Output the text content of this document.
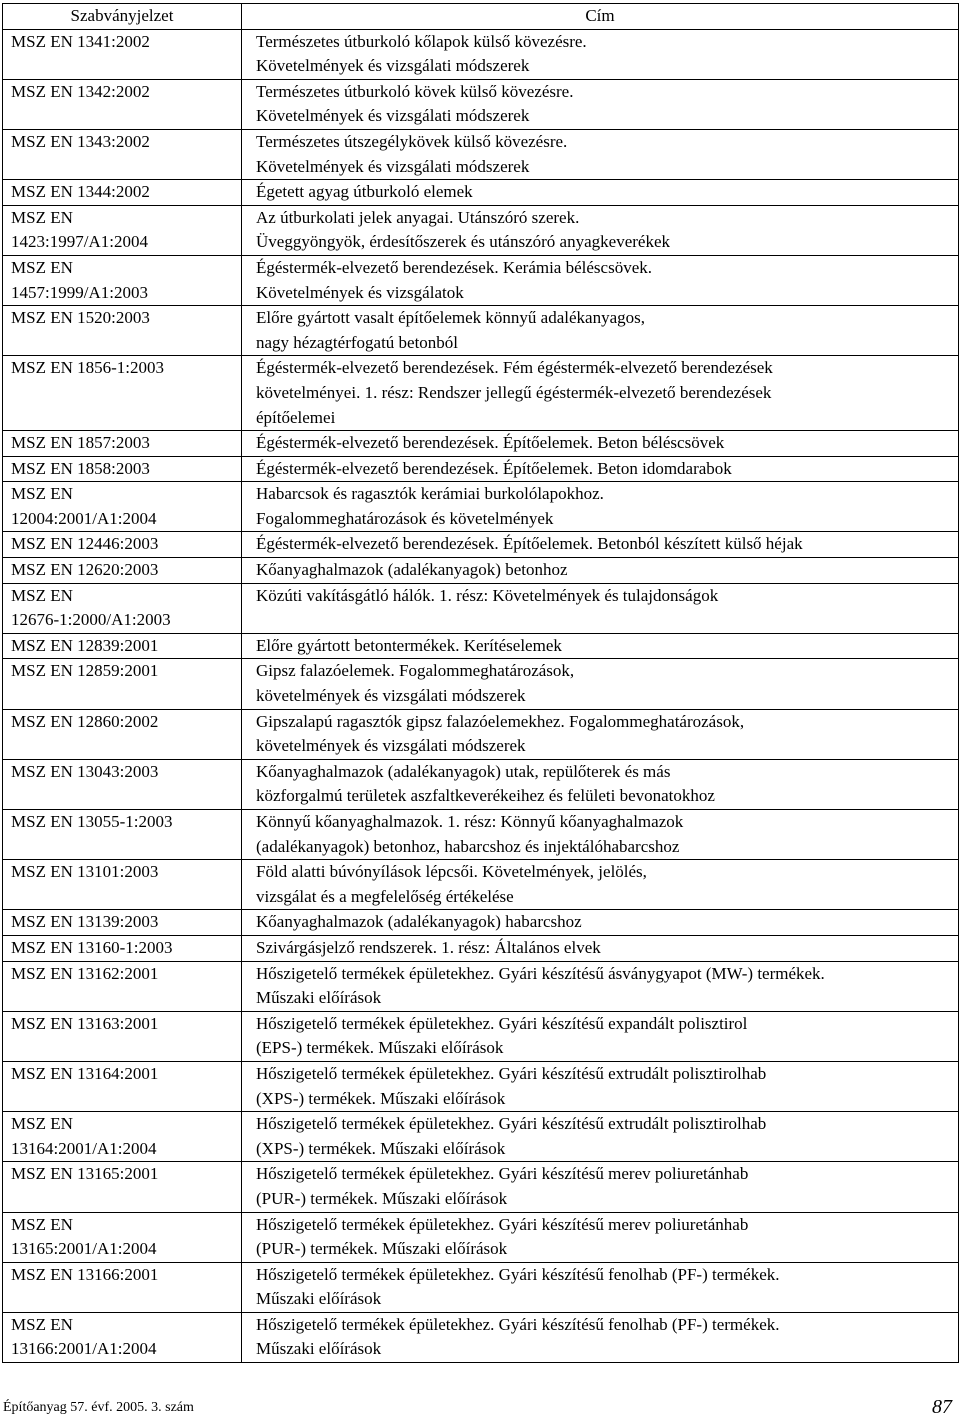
Szabványjelzet	Cím

MSZ EN 1341:2002	Természetes útburkoló kőlapok külső kövezésre.
Követelmények és vizsgálati módszerek

MSZ EN 1342:2002	Természetes útburkoló kövek külső kövezésre.
Követelmények és vizsgálati módszerek

MSZ EN 1343:2002	Természetes útszegélykövek külső kövezésre.
Követelmények és vizsgálati módszerek

MSZ EN 1344:2002	Égetett agyag útburkoló elemek

MSZ EN
1423:1997/A1:2004	Az útburkolati jelek anyagai. Utánszóró szerek.
Üveggyöngyök, érdesítőszerek és utánszóró anyagkeverékek

MSZ EN
1457:1999/A1:2003	Égéstermék-elvezető berendezések. Kerámia béléscsövek.
Követelmények és vizsgálatok

MSZ EN 1520:2003	Előre gyártott vasalt építőelemek könnyű adalékanyagos,
nagy hézagtérfogatú betonból

MSZ EN 1856-1:2003	Égéstermék-elvezető berendezések. Fém égéstermék-elvezető berendezések
követelményei. 1. rész: Rendszer jellegű égéstermék-elvezető berendezések
építőelemei

MSZ EN 1857:2003	Égéstermék-elvezető berendezések. Építőelemek. Beton béléscsövek

MSZ EN 1858:2003	Égéstermék-elvezető berendezések. Építőelemek. Beton idomdarabok

MSZ EN
12004:2001/A1:2004	Habarcsok és ragasztók kerámiai burkolólapokhoz.
Fogalommeghatározások és követelmények

MSZ EN 12446:2003	Égéstermék-elvezető berendezések. Építőelemek. Betonból készített külső héjak

MSZ EN 12620:2003	Kőanyaghalmazok (adalékanyagok) betonhoz

MSZ EN
12676-1:2000/A1:2003	Közúti vakításgátló hálók. 1. rész: Követelmények és tulajdonságok

MSZ EN 12839:2001	Előre gyártott betontermékek. Kerítéselemek

MSZ EN 12859:2001	Gipsz falazóelemek. Fogalommeghatározások,
követelmények és vizsgálati módszerek

MSZ EN 12860:2002	Gipszalapú ragasztók gipsz falazóelemekhez. Fogalommeghatározások,
követelmények és vizsgálati módszerek

MSZ EN 13043:2003	Kőanyaghalmazok (adalékanyagok) utak, repülőterek és más
közforgalmú területek aszfaltkeverékeihez és felületi bevonatokhoz

MSZ EN 13055-1:2003	Könnyű kőanyaghalmazok. 1. rész: Könnyű kőanyaghalmazok
(adalékanyagok) betonhoz, habarcshoz és injektálóhabarcshoz

MSZ EN 13101:2003	Föld alatti búvónyílások lépcsői. Követelmények, jelölés,
vizsgálat és a megfelelőség értékelése

MSZ EN 13139:2003	Kőanyaghalmazok (adalékanyagok) habarcshoz

MSZ EN 13160-1:2003	Szivárgásjelző rendszerek. 1. rész: Általános elvek

MSZ EN 13162:2001	Hőszigetelő termékek épületekhez. Gyári készítésű ásványgyapot (MW-) termékek.
Műszaki előírások

MSZ EN 13163:2001	Hőszigetelő termékek épületekhez. Gyári készítésű expandált polisztirol
(EPS-) termékek. Műszaki előírások

MSZ EN 13164:2001	Hőszigetelő termékek épületekhez. Gyári készítésű extrudált polisztirolhab
(XPS-) termékek. Műszaki előírások

MSZ EN
13164:2001/A1:2004	Hőszigetelő termékek épületekhez. Gyári készítésű extrudált polisztirolhab
(XPS-) termékek. Műszaki előírások

MSZ EN 13165:2001	Hőszigetelő termékek épületekhez. Gyári készítésű merev poliuretánhab
(PUR-) termékek. Műszaki előírások

MSZ EN
13165:2001/A1:2004	Hőszigetelő termékek épületekhez. Gyári készítésű merev poliuretánhab
(PUR-) termékek. Műszaki előírások

MSZ EN 13166:2001	Hőszigetelő termékek épületekhez. Gyári készítésű fenolhab (PF-) termékek.
Műszaki előírások

MSZ EN
13166:2001/A1:2004	Hőszigetelő termékek épületekhez. Gyári készítésű fenolhab (PF-) termékek.
Műszaki előírások
Építőanyag 57. évf. 2005. 3. szám	87
